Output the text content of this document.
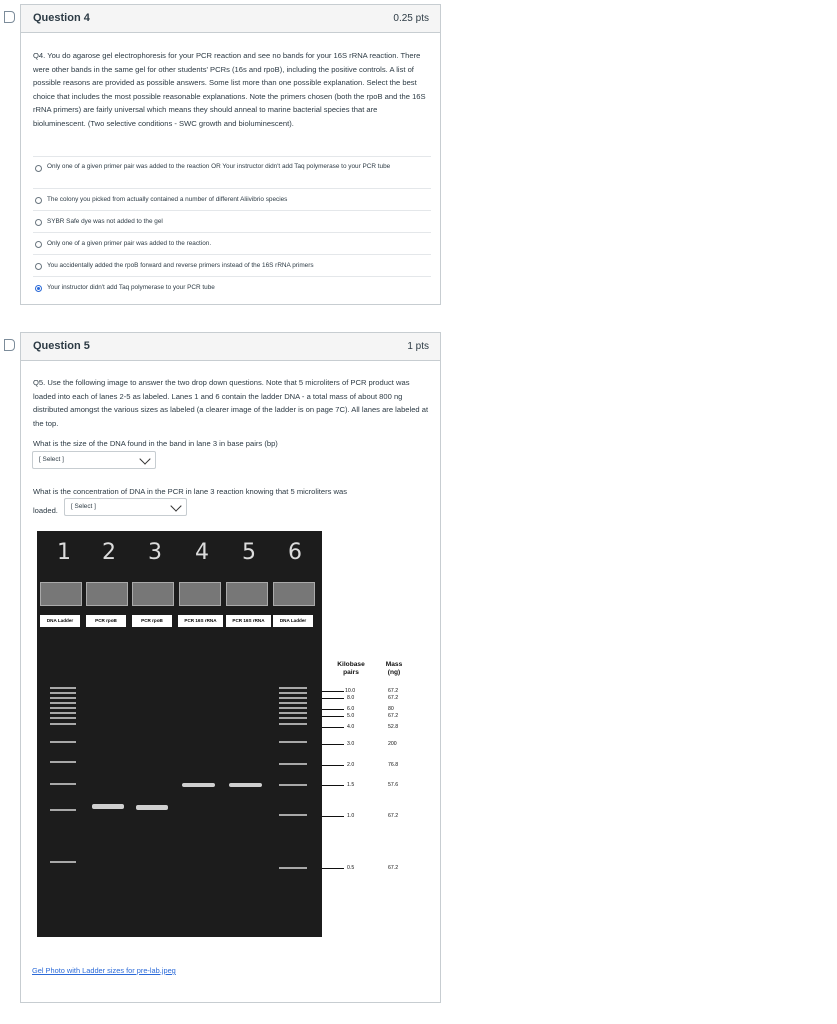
Question 4	0.25 pts
Q4. You do agarose gel electrophoresis for your PCR reaction and see no bands for your 16S rRNA reaction. There were other bands in the same gel for other students' PCRs (16s and rpoB), including the positive controls. A list of possible reasons are provided as possible answers. Some list more than one possible explanation. Select the best choice that includes the most possible reasonable explanations. Note the primers chosen (both the rpoB and the 16S rRNA primers) are fairly universal which means they should anneal to marine bacterial species that are bioluminescent. (Two selective conditions - SWC growth and bioluminescent).
Only one of a given primer pair was added to the reaction OR Your instructor didn't add Taq polymerase to your PCR tube
The colony you picked from actually contained a number of different Aliivibrio species
SYBR Safe dye was not added to the gel
Only one of a given primer pair was added to the reaction.
You accidentally added the rpoB forward and reverse primers instead of the 16S rRNA primers
Your instructor didn't add Taq polymerase to your PCR tube
Question 5	1 pts
Q5. Use the following image to answer the two drop down questions. Note that 5 microliters of PCR product was loaded into each of lanes 2-5 as labeled. Lanes 1 and 6 contain the ladder DNA - a total mass of about 800 ng distributed amongst the various sizes as labeled (a clearer image of the ladder is on page 7C). All lanes are labeled at the top.
What is the size of the DNA found in the band in lane 3 in base pairs (bp)
What is the concentration of DNA in the PCR in lane 3 reaction knowing that 5 microliters was
loaded.
[ Select ]
[ Select ]
1 2 3 4 5 6
DNA Ladder	PCR rpoB	PCR rpoB	PCR 16S rRNA	PCR 16S rRNA	DNA Ladder
Kilobase pairs
Mass (ng)
10.0	67.2
8.0	67.2
6.0	80
5.0	67.2
4.0	52.8
3.0	200
2.0	76.8
1.5	57.6
1.0	67.2
0.5	67.2
Gel Photo with Ladder sizes for pre-lab.jpeg
